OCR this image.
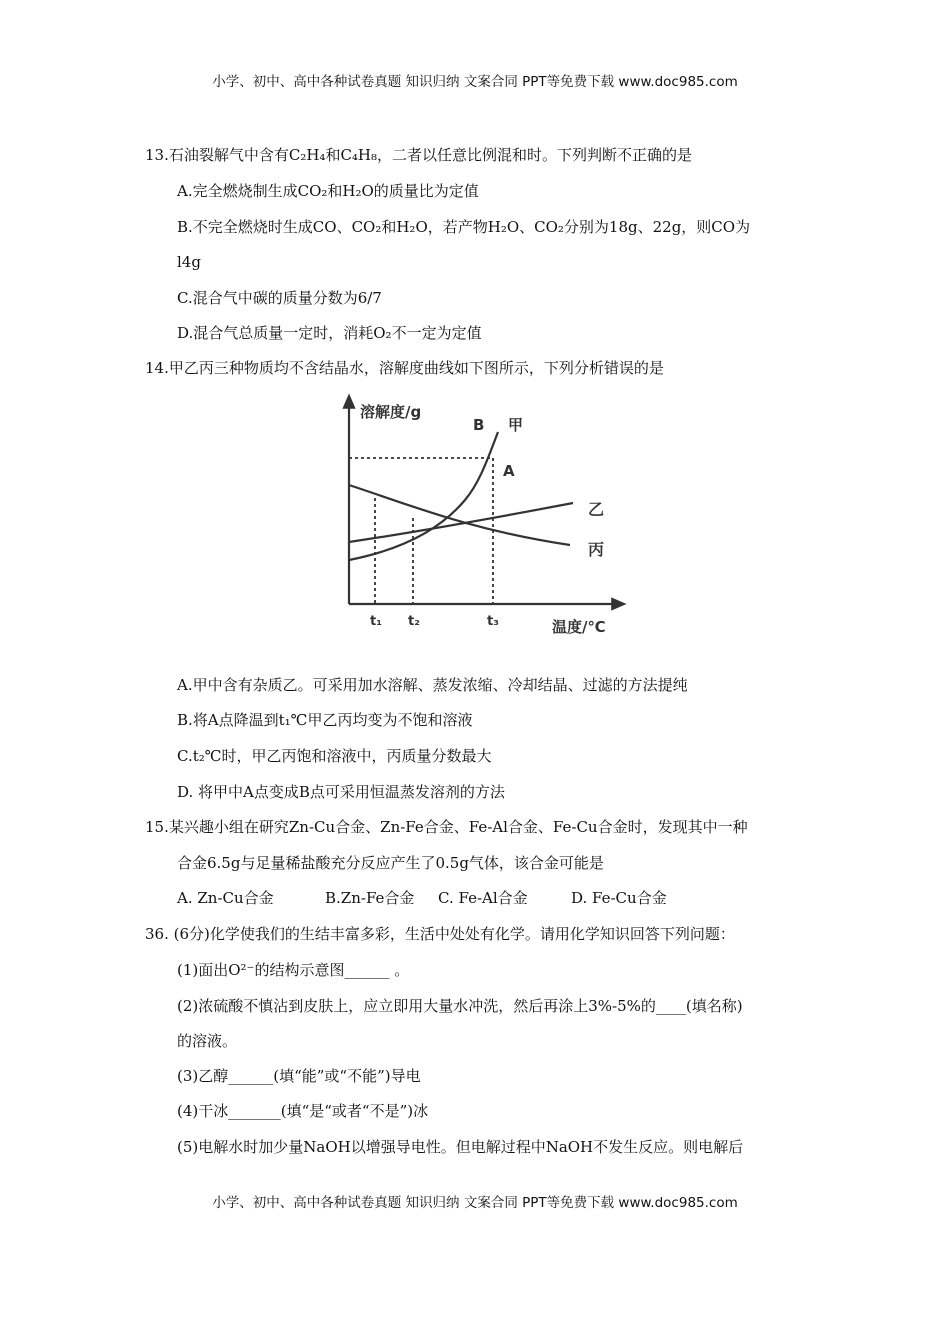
小学、初中、高中各种试卷真题 知识归纳 文案合同 PPT等免费下载 www.doc985.com
13.石油裂解气中含有C₂H₄和C₄H₈，二者以任意比例混和时。下列判断不正确的是
A.完全燃烧制生成CO₂和H₂O的质量比为定值
B.不完全燃烧时生成CO、CO₂和H₂O，若产物H₂O、CO₂分别为18g、22g，则CO为
l4g
C.混合气中碳的质量分数为6/7
D.混合气总质量一定时，消耗O₂不一定为定值
14.甲乙丙三种物质均不含结晶水，溶解度曲线如下图所示，下列分析错误的是
溶解度/g
B 甲
A
乙
丙
t₁ t₂	t₃	温度/℃
A.甲中含有杂质乙。可采用加水溶解、蒸发浓缩、冷却结晶、过滤的方法提纯
B.将A点降温到t₁℃甲乙丙均变为不饱和溶液
C.t₂℃时，甲乙丙饱和溶液中，丙质量分数最大
D. 将甲中A点变成B点可采用恒温蒸发溶剂的方法
15.某兴趣小组在研究Zn-Cu合金、Zn-Fe合金、Fe-Al合金、Fe-Cu合金时，发现其中一种
合金6.5g与足量稀盐酸充分反应产生了0.5g气体，该合金可能是
A. Zn-Cu合金	B.Zn-Fe合金 C. Fe-Al合金	D. Fe-Cu合金
36. (6分)化学使我们的生结丰富多彩，生活中处处有化学。请用化学知识回答下列问题：
(1)面出O²⁻的结构示意图______ 。
(2)浓硫酸不慎沾到皮肤上，应立即用大量水冲洗，然后再涂上3%-5%的____(填名称)
的溶液。
(3)乙醇______(填“能”或“不能”)导电
(4)干冰_______(填“是“或者“不是”)冰
(5)电解水时加少量NaOH以增强导电性。但电解过程中NaOH不发生反应。则电解后
小学、初中、高中各种试卷真题 知识归纳 文案合同 PPT等免费下载 www.doc985.com
